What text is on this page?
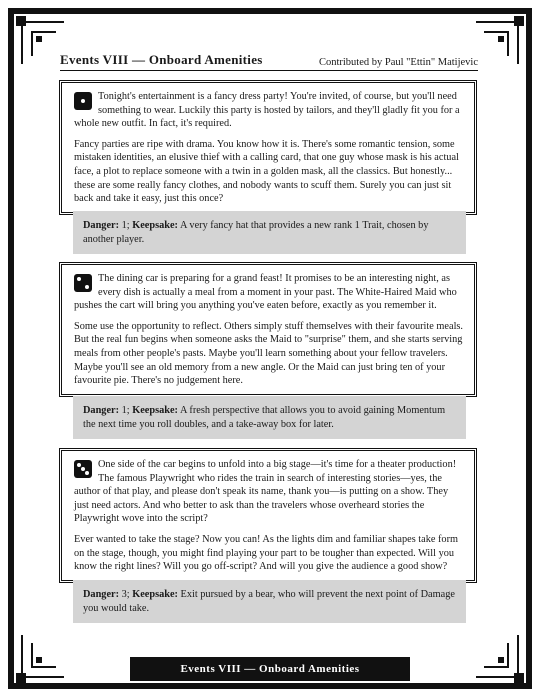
Events VIII — Onboard Amenities	Contributed by Paul "Ettin" Matijevic

Tonight's entertainment is a fancy dress party! You're invited, of course, but you'll need something to wear. Luckily this party is hosted by tailors, and they'll gladly fit you for a whole new outfit. In fact, it's required.

Fancy parties are ripe with drama. You know how it is. There's some romantic tension, some mistaken identities, an elusive thief with a calling card, that one guy whose mask is his actual face, a plot to replace someone with a twin in a golden mask, all the classics. But honestly... these are some really fancy clothes, and nobody wants to scuff them. Surely you can just sit back and take it easy, just this once?

Danger: 1; Keepsake: A very fancy hat that provides a new rank 1 Trait, chosen by another player.

The dining car is preparing for a grand feast! It promises to be an interesting night, as every dish is actually a meal from a moment in your past. The White-Haired Maid who pushes the cart will bring you anything you've eaten before, exactly as you remember it.

Some use the opportunity to reflect. Others simply stuff themselves with their favourite meals. But the real fun begins when someone asks the Maid to "surprise" them, and she starts serving meals from other people's pasts. Maybe you'll learn something about your fellow travelers. Maybe you'll see an old memory from a new angle. Or the Maid can just bring ten of your favourite pie. There's no judgement here.

Danger: 1; Keepsake: A fresh perspective that allows you to avoid gaining Momentum the next time you roll doubles, and a take-away box for later.

One side of the car begins to unfold into a big stage—it's time for a theater production! The famous Playwright who rides the train in search of interesting stories—yes, the author of that play, and please don't speak its name, thank you—is putting on a show. They just need actors. And who better to ask than the travelers whose overheard stories the Playwright wove into the script?

Ever wanted to take the stage? Now you can! As the lights dim and familiar shapes take form on the stage, though, you might find playing your part to be tougher than expected. Will you know the right lines? Will you go off-script? And will you give the audience a good show?

Danger: 3; Keepsake: Exit pursued by a bear, who will prevent the next point of Damage you would take.
Events VIII — Onboard Amenities
